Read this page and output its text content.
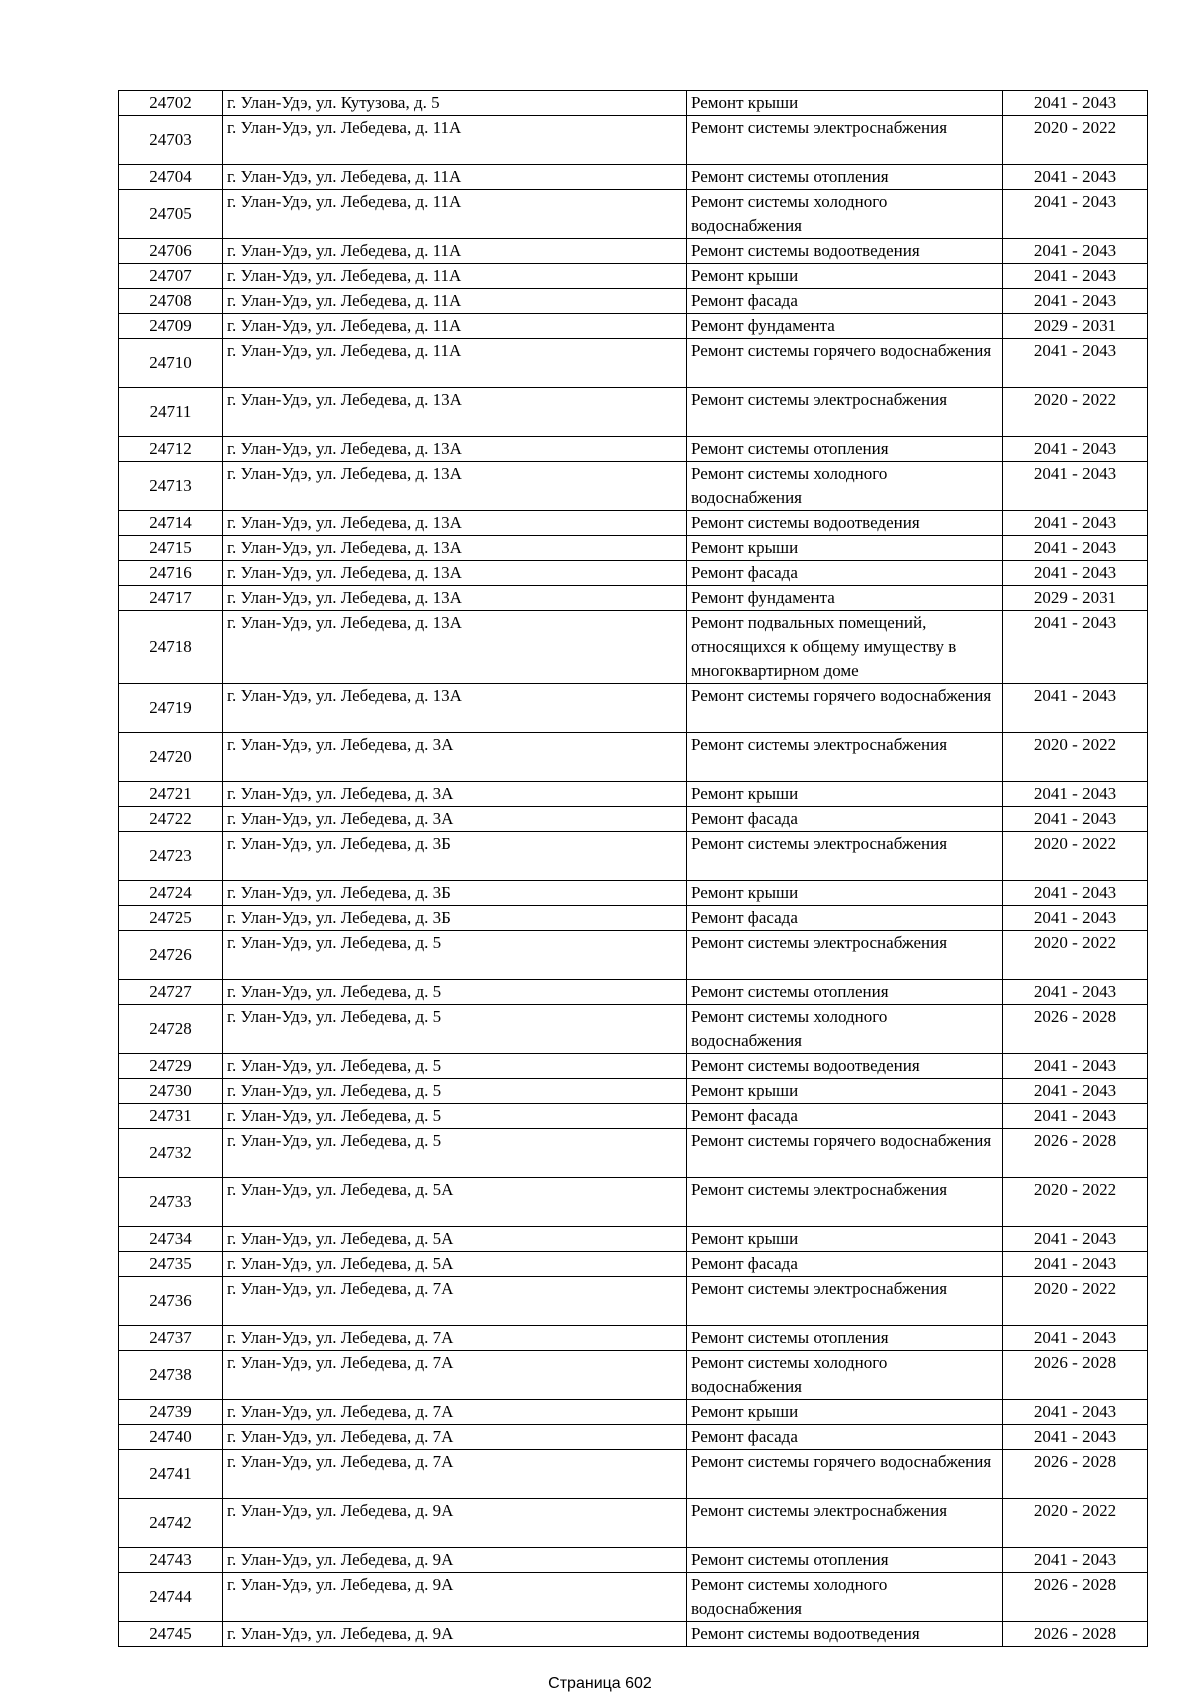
24702	г. Улан-Удэ, ул. Кутузова, д. 5	Ремонт крыши	2041 - 2043
24703	г. Улан-Удэ, ул. Лебедева, д. 11А	Ремонт системы электроснабжения	2020 - 2022
24704	г. Улан-Удэ, ул. Лебедева, д. 11А	Ремонт системы отопления	2041 - 2043
24705	г. Улан-Удэ, ул. Лебедева, д. 11А	Ремонт системы холодного водоснабжения	2041 - 2043
24706	г. Улан-Удэ, ул. Лебедева, д. 11А	Ремонт системы водоотведения	2041 - 2043
24707	г. Улан-Удэ, ул. Лебедева, д. 11А	Ремонт крыши	2041 - 2043
24708	г. Улан-Удэ, ул. Лебедева, д. 11А	Ремонт фасада	2041 - 2043
24709	г. Улан-Удэ, ул. Лебедева, д. 11А	Ремонт фундамента	2029 - 2031
24710	г. Улан-Удэ, ул. Лебедева, д. 11А	Ремонт системы горячего водоснабжения	2041 - 2043
24711	г. Улан-Удэ, ул. Лебедева, д. 13А	Ремонт системы электроснабжения	2020 - 2022
24712	г. Улан-Удэ, ул. Лебедева, д. 13А	Ремонт системы отопления	2041 - 2043
24713	г. Улан-Удэ, ул. Лебедева, д. 13А	Ремонт системы холодного водоснабжения	2041 - 2043
24714	г. Улан-Удэ, ул. Лебедева, д. 13А	Ремонт системы водоотведения	2041 - 2043
24715	г. Улан-Удэ, ул. Лебедева, д. 13А	Ремонт крыши	2041 - 2043
24716	г. Улан-Удэ, ул. Лебедева, д. 13А	Ремонт фасада	2041 - 2043
24717	г. Улан-Удэ, ул. Лебедева, д. 13А	Ремонт фундамента	2029 - 2031
24718	г. Улан-Удэ, ул. Лебедева, д. 13А	Ремонт подвальных помещений, относящихся к общему имуществу в многоквартирном доме	2041 - 2043
24719	г. Улан-Удэ, ул. Лебедева, д. 13А	Ремонт системы горячего водоснабжения	2041 - 2043
24720	г. Улан-Удэ, ул. Лебедева, д. 3А	Ремонт системы электроснабжения	2020 - 2022
24721	г. Улан-Удэ, ул. Лебедева, д. 3А	Ремонт крыши	2041 - 2043
24722	г. Улан-Удэ, ул. Лебедева, д. 3А	Ремонт фасада	2041 - 2043
24723	г. Улан-Удэ, ул. Лебедева, д. 3Б	Ремонт системы электроснабжения	2020 - 2022
24724	г. Улан-Удэ, ул. Лебедева, д. 3Б	Ремонт крыши	2041 - 2043
24725	г. Улан-Удэ, ул. Лебедева, д. 3Б	Ремонт фасада	2041 - 2043
24726	г. Улан-Удэ, ул. Лебедева, д. 5	Ремонт системы электроснабжения	2020 - 2022
24727	г. Улан-Удэ, ул. Лебедева, д. 5	Ремонт системы отопления	2041 - 2043
24728	г. Улан-Удэ, ул. Лебедева, д. 5	Ремонт системы холодного водоснабжения	2026 - 2028
24729	г. Улан-Удэ, ул. Лебедева, д. 5	Ремонт системы водоотведения	2041 - 2043
24730	г. Улан-Удэ, ул. Лебедева, д. 5	Ремонт крыши	2041 - 2043
24731	г. Улан-Удэ, ул. Лебедева, д. 5	Ремонт фасада	2041 - 2043
24732	г. Улан-Удэ, ул. Лебедева, д. 5	Ремонт системы горячего водоснабжения	2026 - 2028
24733	г. Улан-Удэ, ул. Лебедева, д. 5А	Ремонт системы электроснабжения	2020 - 2022
24734	г. Улан-Удэ, ул. Лебедева, д. 5А	Ремонт крыши	2041 - 2043
24735	г. Улан-Удэ, ул. Лебедева, д. 5А	Ремонт фасада	2041 - 2043
24736	г. Улан-Удэ, ул. Лебедева, д. 7А	Ремонт системы электроснабжения	2020 - 2022
24737	г. Улан-Удэ, ул. Лебедева, д. 7А	Ремонт системы отопления	2041 - 2043
24738	г. Улан-Удэ, ул. Лебедева, д. 7А	Ремонт системы холодного водоснабжения	2026 - 2028
24739	г. Улан-Удэ, ул. Лебедева, д. 7А	Ремонт крыши	2041 - 2043
24740	г. Улан-Удэ, ул. Лебедева, д. 7А	Ремонт фасада	2041 - 2043
24741	г. Улан-Удэ, ул. Лебедева, д. 7А	Ремонт системы горячего водоснабжения	2026 - 2028
24742	г. Улан-Удэ, ул. Лебедева, д. 9А	Ремонт системы электроснабжения	2020 - 2022
24743	г. Улан-Удэ, ул. Лебедева, д. 9А	Ремонт системы отопления	2041 - 2043
24744	г. Улан-Удэ, ул. Лебедева, д. 9А	Ремонт системы холодного водоснабжения	2026 - 2028
24745	г. Улан-Удэ, ул. Лебедева, д. 9А	Ремонт системы водоотведения	2026 - 2028
Страница 602
